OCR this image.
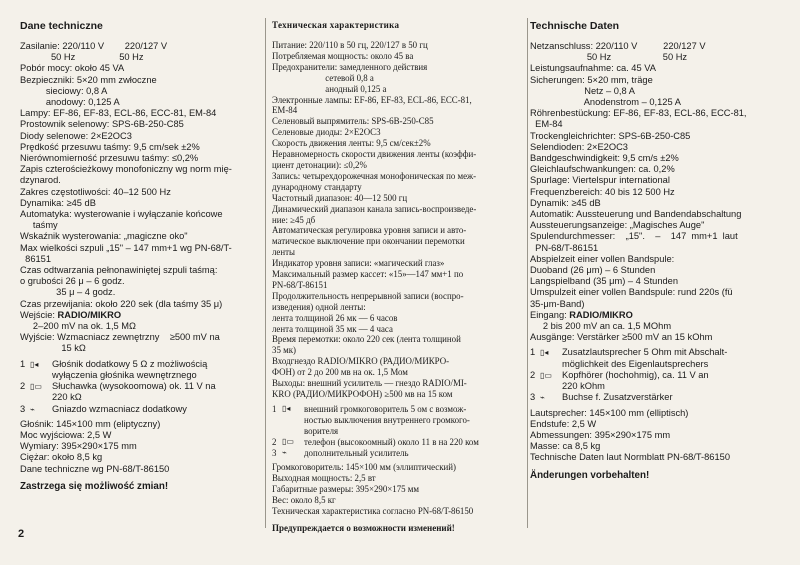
Dane techniczne
Zasilanie: 220/110 V        220/127 V
50 Hz                 50 Hz
Pobór mocy: około 45 VA
Bezpieczniki: 5×20 mm zwłoczne
sieciowy: 0,8 A
anodowy: 0,125 A
Lampy: EF-86, EF-83, ECL-86, ECC-81, EM-84
Prostownik selenowy: SPS-6B-250-C85
Diody selenowe: 2×E2OC3
Prędkość przesuwu taśmy: 9,5 cm/sek ±2%
Nierównomierność przesuwu taśmy: ≤0,2%
Zapis czterościeżkowy monofoniczny wg norm mię-
dzynarod.
Zakres częstotliwości: 40–12 500 Hz
Dynamika: ≥45 dB
Automatyka: wysterowanie i wyłączanie końcowe
taśmy
Wskaźnik wysterowania: „magiczne oko"
Max wielkości szpuli „15" – 147 mm+1 wg PN-68/T-
86151
Czas odtwarzania pełnonawiniętej szpuli taśmą:
o grubości 26 μ – 6 godz.
35 μ – 4 godz.
Czas przewijania: około 220 sek (dla taśmy 35 μ)
Wejście: RADIO/MIKRO
2–200 mV na ok. 1,5 MΩ
Wyjście: Wzmacniacz zewnętrzny    ≥500 mV na
15 kΩ
1 ▯◂	Głośnik dodatkowy 5 Ω z możliwością
wyłączenia głośnika wewnętrznego
2 ▯▭	Słuchawka (wysokoomowa) ok. 11 V na
220 kΩ
3 ⌁	Gniazdo wzmacniacz dodatkowy
Głośnik: 145×100 mm (eliptyczny)
Moc wyjściowa: 2,5 W
Wymiary: 395×290×175 mm
Ciężar: około 8,5 kg
Dane techniczne wg PN-68/T-86150
Zastrzega się możliwość zmian!
Техническая характеристика
Питание: 220/110 в 50 гц, 220/127 в 50 гц
Потребляемая мощность: около 45 ва
Предохранители: замедленного действия
сетевой 0,8 а
анодный 0,125 а
Электронные лампы: EF-86, EF-83, ECL-86, ECC-81,
EM-84
Селеновый выпрямитель: SPS-6B-250-C85
Селеновые диоды: 2×E2OC3
Скорость движения ленты: 9,5 см/сек±2%
Неравномерность скорости движения ленты (коэффи-
циент детонации): ≤0,2%
Запись: четырехдорожечная монофоническая по меж-
дународному стандарту
Частотный диапазон: 40—12 500 гц
Динамический диапазон канала запись-воспроизведе-
ние: ≥45 дб
Автоматическая регулировка уровня записи и авто-
матическое выключение при окончании перемотки
ленты
Индикатор уровня записи: «магический глаз»
Максимальный размер кассет: «15»—147 мм+1 по
PN-68/T-86151
Продолжительность непрерывной записи (воспро-
изведения) одной ленты:
лента толщиной 26 мк — 6 часов
лента толщиной 35 мк — 4 часа
Время перемотки: около 220 сек (лента толщиной
35 мк)
Входгнездо RADIO/MIKRO (РАДИО/МИКРО-
ФОН) от 2 до 200 мв на ок. 1,5 Мом
Выходы: внешний усилитель — гнездо RADIO/MI-
KRO (РАДИО/МИКРОФОН) ≥500 мв на 15 ком
1 ▯◂	внешний громкоговоритель 5 ом с возмож-
ностью выключения внутреннего громкого-
ворителя
2 ▯▭	телефон (высокоомный) около 11 в на 220 ком
3 ⌁	дополнительный усилитель
Громкоговоритель: 145×100 мм (эллиптический)
Выходная мощность: 2,5 вт
Габаритные размеры: 395×290×175 мм
Вес: около 8,5 кг
Техническая характеристика согласно PN-68/T-86150
Предупреждается о возможности изменений!
Technische Daten
Netzanschluss: 220/110 V          220/127 V
50 Hz                    50 Hz
Leistungsaufnahme: ca. 45 VA
Sicherungen: 5×20 mm, träge
Netz – 0,8 A
Anodenstrom – 0,125 A
Röhrenbestückung: EF-86, EF-83, ECL-86, ECC-81,
EM-84
Trockengleichrichter: SPS-6B-250-C85
Selendioden: 2×E2OC3
Bandgeschwindigkeit: 9,5 cm/s ±2%
Gleichlaufschwankungen: ca. 0,2%
Spurlage: Viertelspur international
Frequenzbereich: 40 bis 12 500 Hz
Dynamik: ≥45 dB
Automatik: Aussteuerung und Bandendabschaltung
Aussteuerungsanzeige: „Magisches Auge"
Spulendurchmesser:    „15".    –    147  mm+1  laut
PN-68/T-86151
Abspielzeit einer vollen Bandspule:
Duoband (26 μm) – 6 Stunden
Langspielband (35 μm) – 4 Stunden
Umspulzeit einer vollen Bandspule: rund 220s (fü
35-μm-Band)
Eingang: RADIO/MIKRO
2 bis 200 mV an ca. 1,5 MOhm
Ausgänge: Verstärker ≥500 mV an 15 kOhm
1 ▯◂	Zusatzlautsprecher 5 Ohm mit Abschalt-
möglichkeit des Eigenlautsprechers
2 ▯▭	Kopfhörer (hochohmig), ca. 11 V an
220 kOhm
3 ⌁	Buchse f. Zusatzverstärker
Lautsprecher: 145×100 mm (elliptisch)
Endstufe: 2,5 W
Abmessungen: 395×290×175 mm
Masse: ca 8,5 kg
Technische Daten laut Normblatt PN-68/T-86150
Änderungen vorbehalten!
2
